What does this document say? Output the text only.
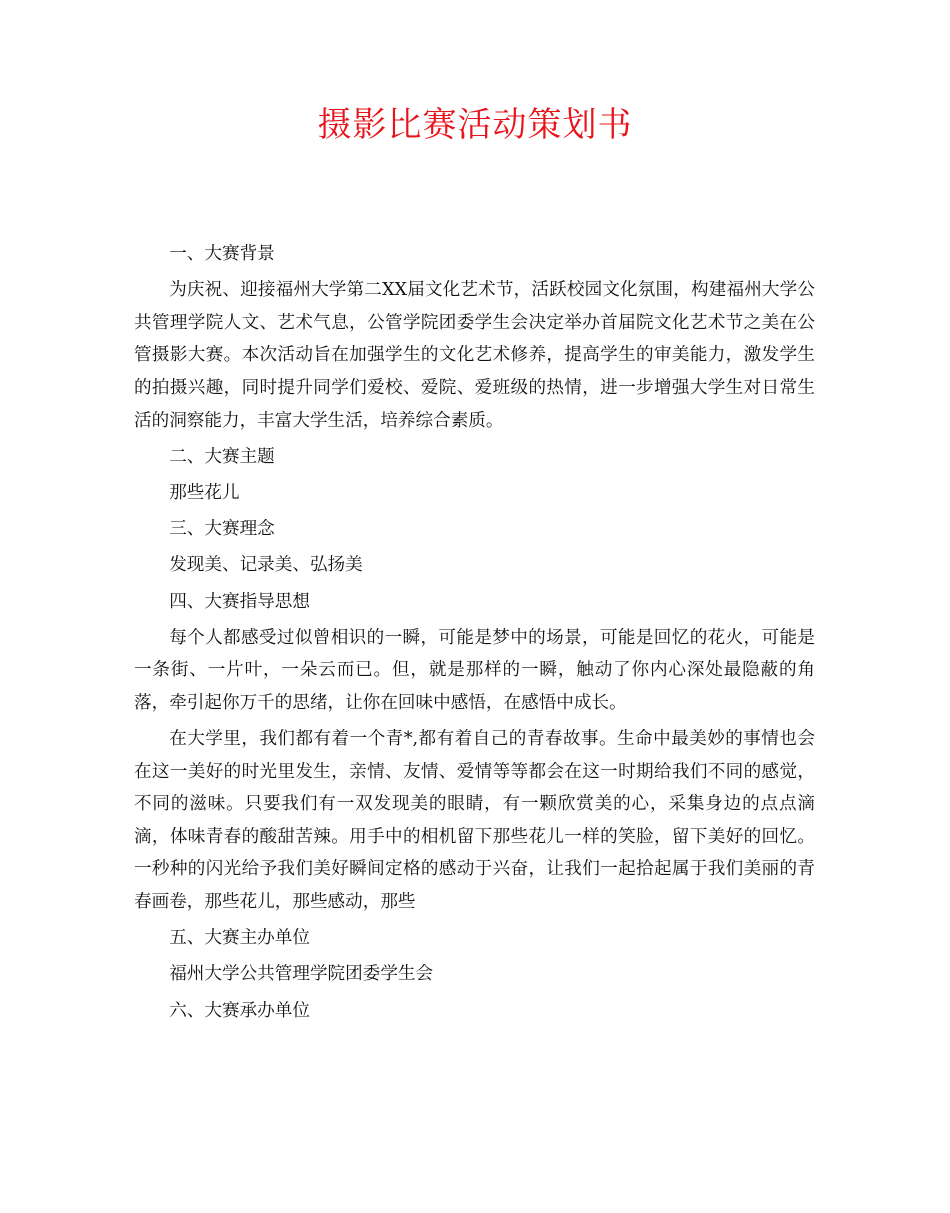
摄影比赛活动策划书

一、大赛背景

为庆祝、迎接福州大学第二XX届文化艺术节，活跃校园文化氛围，构建福州大学公共管理学院人文、艺术气息，公管学院团委学生会决定举办首届院文化艺术节之美在公管摄影大赛。本次活动旨在加强学生的文化艺术修养，提高学生的审美能力，激发学生的拍摄兴趣，同时提升同学们爱校、爱院、爱班级的热情，进一步增强大学生对日常生活的洞察能力，丰富大学生活，培养综合素质。

二、大赛主题

那些花儿

三、大赛理念

发现美、记录美、弘扬美

四、大赛指导思想

每个人都感受过似曾相识的一瞬，可能是梦中的场景，可能是回忆的花火，可能是一条街、一片叶，一朵云而已。但，就是那样的一瞬，触动了你内心深处最隐蔽的角落，牵引起你万千的思绪，让你在回味中感悟，在感悟中成长。

在大学里，我们都有着一个青*,都有着自己的青春故事。生命中最美妙的事情也会在这一美好的时光里发生，亲情、友情、爱情等等都会在这一时期给我们不同的感觉，不同的滋味。只要我们有一双发现美的眼睛，有一颗欣赏美的心，采集身边的点点滴滴，体味青春的酸甜苦辣。用手中的相机留下那些花儿一样的笑脸，留下美好的回忆。一秒种的闪光给予我们美好瞬间定格的感动于兴奋，让我们一起拾起属于我们美丽的青春画卷，那些花儿，那些感动，那些

五、大赛主办单位

福州大学公共管理学院团委学生会

六、大赛承办单位
